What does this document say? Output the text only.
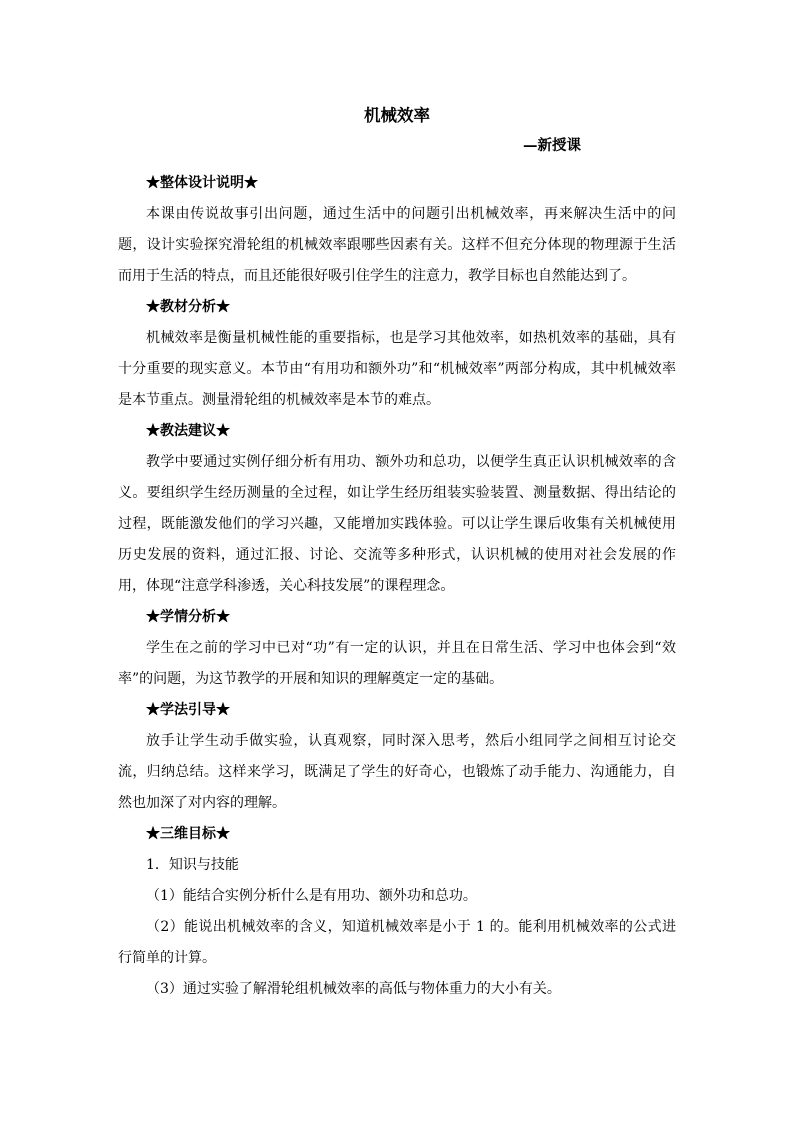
机械效率
—新授课
★整体设计说明★

本课由传说故事引出问题，通过生活中的问题引出机械效率，再来解决生活中的问题，设计实验探究滑轮组的机械效率跟哪些因素有关。这样不但充分体现的物理源于生活而用于生活的特点，而且还能很好吸引住学生的注意力，教学目标也自然能达到了。

★教材分析★

机械效率是衡量机械性能的重要指标，也是学习其他效率，如热机效率的基础，具有十分重要的现实意义。本节由“有用功和额外功”和“机械效率”两部分构成，其中机械效率是本节重点。测量滑轮组的机械效率是本节的难点。

★教法建议★

教学中要通过实例仔细分析有用功、额外功和总功，以便学生真正认识机械效率的含义。要组织学生经历测量的全过程，如让学生经历组装实验装置、测量数据、得出结论的过程，既能激发他们的学习兴趣，又能增加实践体验。可以让学生课后收集有关机械使用历史发展的资料，通过汇报、讨论、交流等多种形式，认识机械的使用对社会发展的作用，体现“注意学科渗透，关心科技发展”的课程理念。

★学情分析★

学生在之前的学习中已对“功”有一定的认识，并且在日常生活、学习中也体会到“效率”的问题，为这节教学的开展和知识的理解奠定一定的基础。

★学法引导★

放手让学生动手做实验，认真观察，同时深入思考，然后小组同学之间相互讨论交流，归纳总结。这样来学习，既满足了学生的好奇心，也锻炼了动手能力、沟通能力，自然也加深了对内容的理解。

★三维目标★

1．知识与技能

（1）能结合实例分析什么是有用功、额外功和总功。

（2）能说出机械效率的含义，知道机械效率是小于 1 的。能利用机械效率的公式进行简单的计算。

（3）通过实验了解滑轮组机械效率的高低与物体重力的大小有关。
